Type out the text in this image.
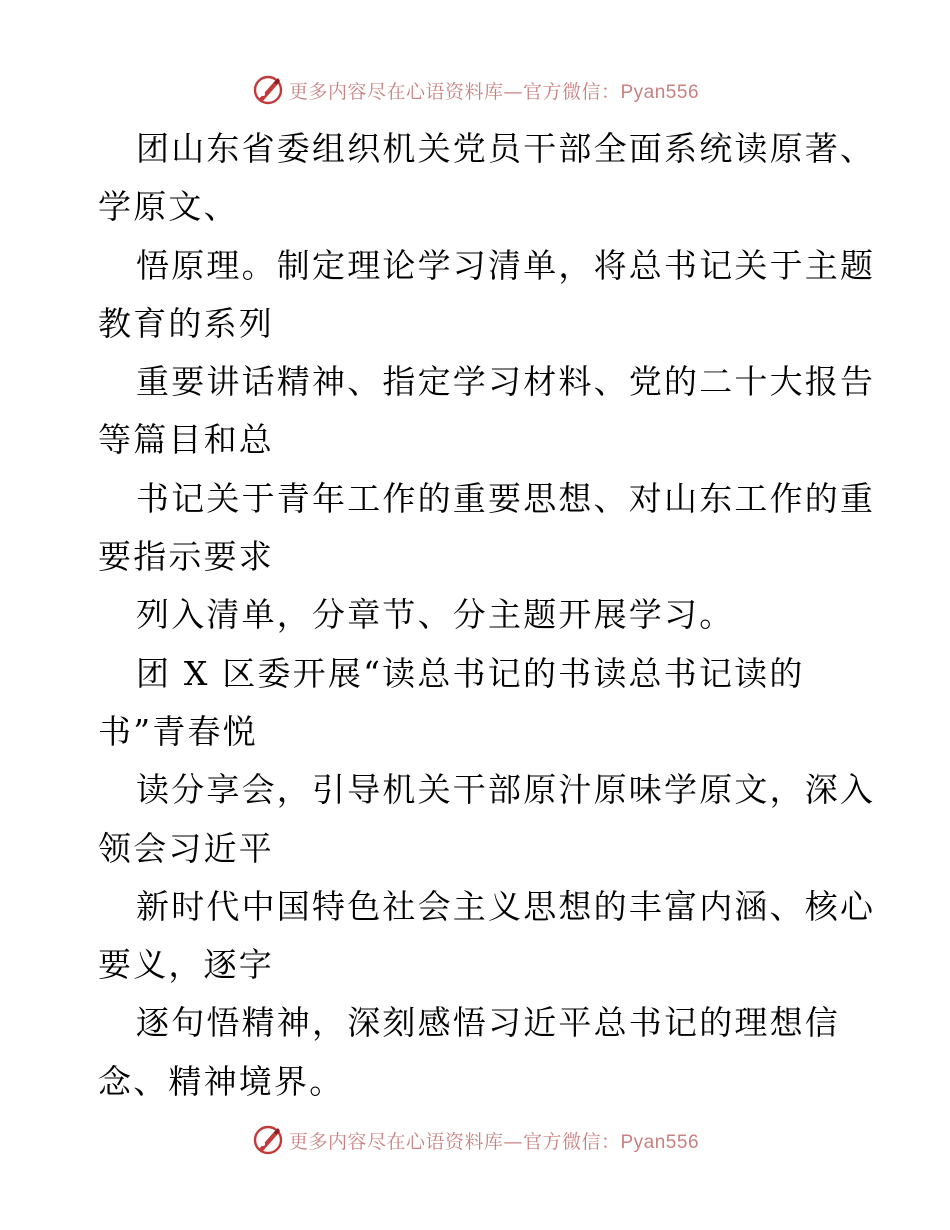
更多内容尽在心语资料库—官方微信：Pyan556
团山东省委组织机关党员干部全面系统读原著、
学原文、
悟原理。制定理论学习清单，将总书记关于主题
教育的系列
重要讲话精神、指定学习材料、党的二十大报告
等篇目和总
书记关于青年工作的重要思想、对山东工作的重
要指示要求
列入清单，分章节、分主题开展学习。
团 X 区委开展“读总书记的书读总书记读的
书”青春悦
读分享会，引导机关干部原汁原味学原文，深入
领会习近平
新时代中国特色社会主义思想的丰富内涵、核心
要义，逐字
逐句悟精神，深刻感悟习近平总书记的理想信
念、精神境界。
更多内容尽在心语资料库—官方微信：Pyan556
